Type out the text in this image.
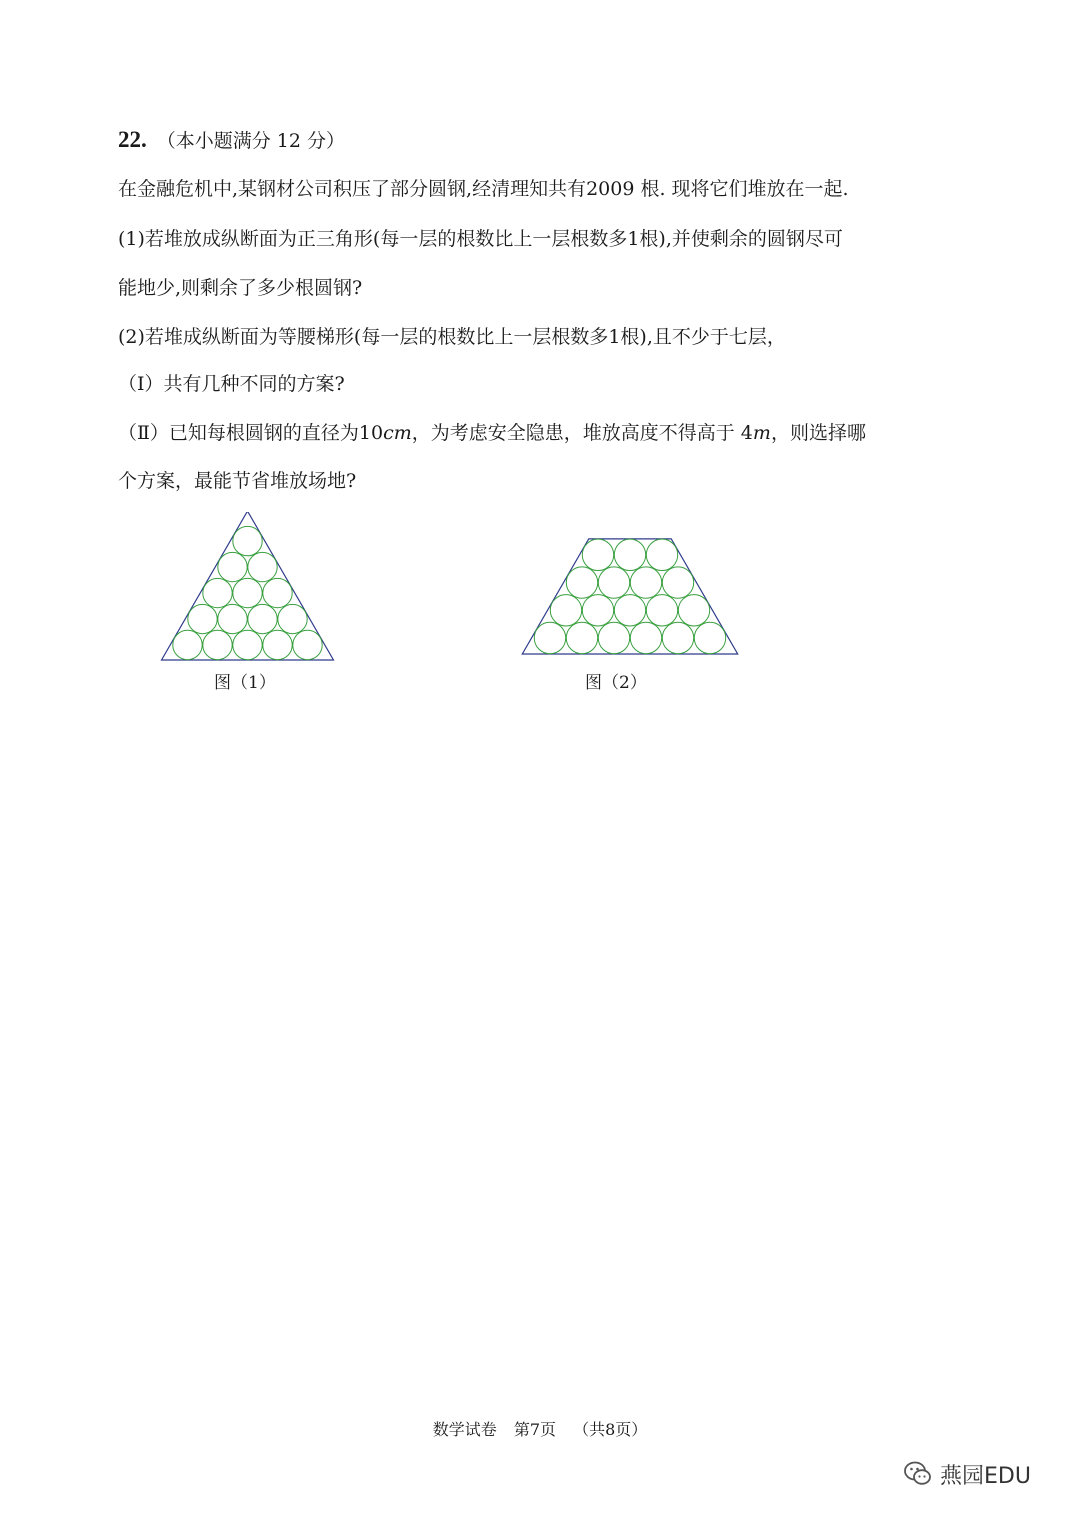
22. （本小题满分 12 分）
在金融危机中,某钢材公司积压了部分圆钢,经清理知共有2009 根. 现将它们堆放在一起.
(1)若堆放成纵断面为正三角形(每一层的根数比上一层根数多1根),并使剩余的圆钢尽可
能地少,则剩余了多少根圆钢?
(2)若堆成纵断面为等腰梯形(每一层的根数比上一层根数多1根),且不少于七层，
（Ⅰ）共有几种不同的方案?
（Ⅱ）已知每根圆钢的直径为10cm，为考虑安全隐患，堆放高度不得高于 4m，则选择哪
个方案，最能节省堆放场地?
图（1）	图（2）
数学试卷 第7页 （共8页）
燕园EDU
